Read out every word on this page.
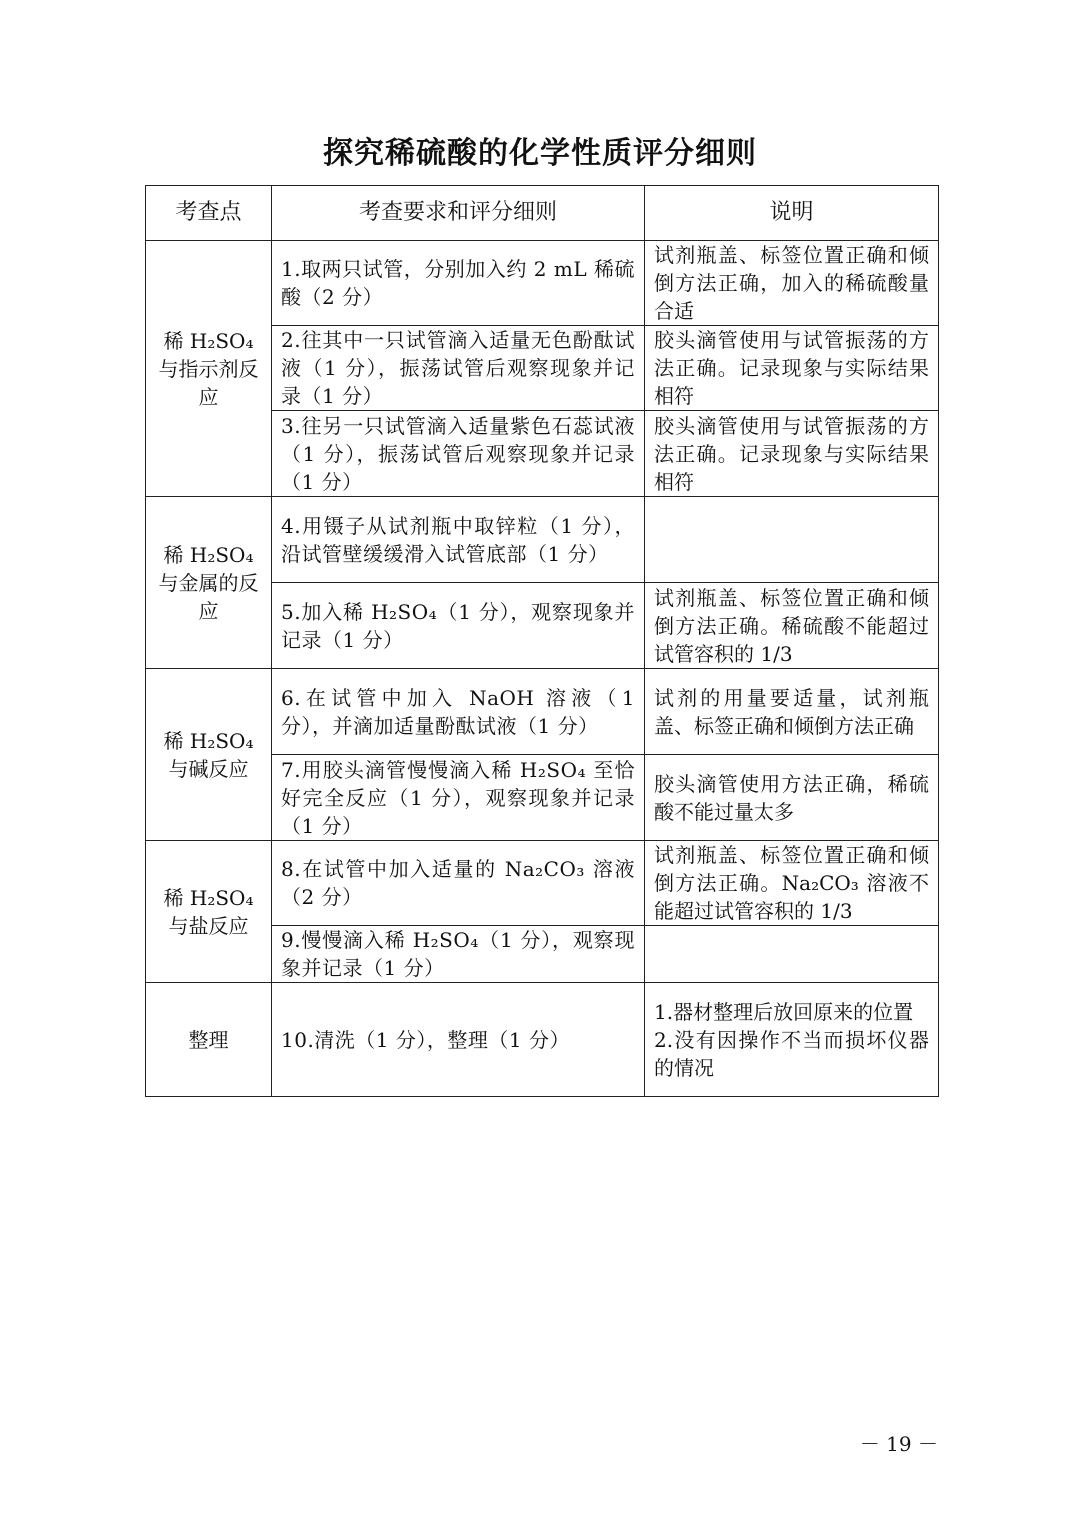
探究稀硫酸的化学性质评分细则
考查点	考查要求和评分细则	说明
稀 H₂SO₄ 与指示剂反应	1.取两只试管，分别加入约 2 mL 稀硫酸（2 分）	试剂瓶盖、标签位置正确和倾倒方法正确，加入的稀硫酸量合适
	2.往其中一只试管滴入适量无色酚酞试液（1 分），振荡试管后观察现象并记录（1 分）	胶头滴管使用与试管振荡的方法正确。记录现象与实际结果相符
	3.往另一只试管滴入适量紫色石蕊试液（1 分），振荡试管后观察现象并记录（1 分）	胶头滴管使用与试管振荡的方法正确。记录现象与实际结果相符
稀 H₂SO₄ 与金属的反应	4.用镊子从试剂瓶中取锌粒（1 分），沿试管壁缓缓滑入试管底部（1 分）	
	5.加入稀 H₂SO₄（1 分），观察现象并记录（1 分）	试剂瓶盖、标签位置正确和倾倒方法正确。稀硫酸不能超过试管容积的 1/3
稀 H₂SO₄ 与碱反应	6.在试管中加入 NaOH 溶液（1 分），并滴加适量酚酞试液（1 分）	试剂的用量要适量，试剂瓶盖、标签正确和倾倒方法正确
	7.用胶头滴管慢慢滴入稀 H₂SO₄ 至恰好完全反应（1 分），观察现象并记录（1 分）	胶头滴管使用方法正确，稀硫酸不能过量太多
稀 H₂SO₄ 与盐反应	8.在试管中加入适量的 Na₂CO₃ 溶液（2 分）	试剂瓶盖、标签位置正确和倾倒方法正确。Na₂CO₃ 溶液不能超过试管容积的 1/3
	9.慢慢滴入稀 H₂SO₄（1 分），观察现象并记录（1 分）	
整理	10.清洗（1 分），整理（1 分）	1.器材整理后放回原来的位置
2.没有因操作不当而损坏仪器的情况
－ 19 －
